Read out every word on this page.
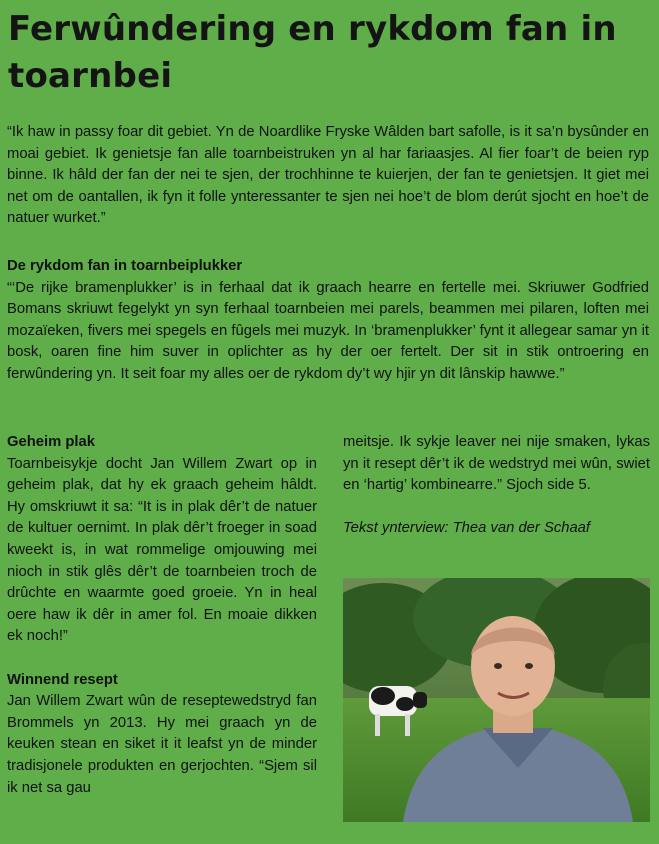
Ferwûndering en rykdom fan in toarnbei

“Ik haw in passy foar dit gebiet. Yn de Noardlike Fryske Wâlden bart safolle, is it sa’n bysûnder en moai gebiet. Ik genietsje fan alle toarnbeistruken yn al har fariaasjes. Al fier foar’t de beien ryp binne. Ik hâld der fan der nei te sjen, der trochhinne te kuierjen, der fan te genietsjen. It giet mei net om de oantallen, ik fyn it folle ynteressanter te sjen nei hoe’t de blom derút sjocht en hoe’t de natuer wurket.”

De rykdom fan in toarnbeiplukker

“‘De rijke bramenplukker’ is in ferhaal dat ik graach hearre en fertelle mei. Skriuwer Godfried Bomans skriuwt fegelykt yn syn ferhaal toarnbeien mei parels, beammen mei pilaren, loften mei mozaïeken, fivers mei spegels en fûgels mei muzyk. In ‘bramenplukker’ fynt it allegear samar yn it bosk, oaren fine him suver in oplichter as hy der oer fertelt. Der sit in stik ontroering en ferwûndering yn. It seit foar my alles oer de rykdom dy’t wy hjir yn dit lânskip hawwe.”

Geheim plak

Toarnbeisykje docht Jan Willem Zwart op in geheim plak, dat hy ek graach geheim hâldt. Hy omskriuwt it sa: “It is in plak dêr’t de natuer de kultuer oernimt. In plak dêr’t froeger in soad kweekt is, in wat rommelige omjouwing mei nioch in stik glês dêr’t de toarnbeien troch de drûchte en waarmte goed groeie. Yn in heal oere haw ik dêr in amer fol. En moaie dikken ek noch!”

Winnend resept

Jan Willem Zwart wûn de reseptewedstryd fan Brommels yn 2013. Hy mei graach yn de keuken stean en siket it it leafst yn de minder tradisjonele produkten en gerjochten. “Sjem sil ik net sa gau

meitsje. Ik sykje leaver nei nije smaken, lykas yn it resept dêr’t ik de wedstryd mei wûn, swiet en ‘hartig’ kombinearre.” Sjoch side 5.

Tekst ynterview: Thea van der Schaaf
